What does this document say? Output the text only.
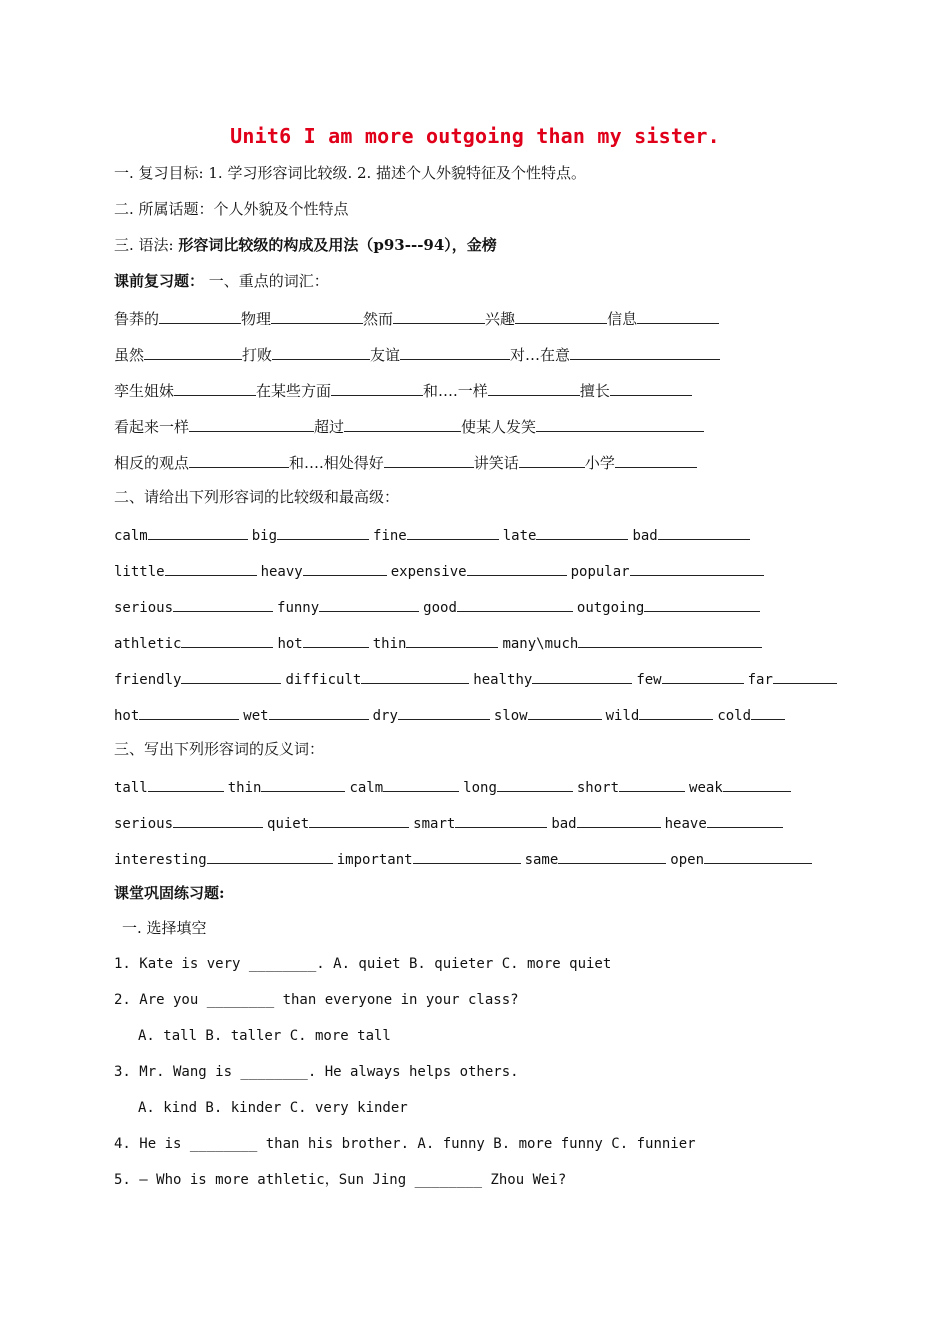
Unit6 I am more outgoing than my sister.
一. 复习目标: 1. 学习形容词比较级. 2. 描述个人外貌特征及个性特点。
二. 所属话题：个人外貌及个性特点
三. 语法: 形容词比较级的构成及用法（p93---94），金榜
课前复习题： 一、重点的词汇：
鲁莽的	物理	然而	兴趣	信息
虽然	打败	友谊	对…在意
孪生姐妹	在某些方面	和….一样	擅长
看起来一样	超过	使某人发笑
相反的观点	和….相处得好	讲笑话	小学
二、请给出下列形容词的比较级和最高级：
calm	big	fine	late	bad
little	heavy	expensive	popular
serious	funny	good	outgoing
athletic	hot	thin	many\much
friendly	difficult	healthy	few	far
hot	wet	dry	slow	wild	cold
三、写出下列形容词的反义词：
tall	thin	calm	long	short	weak
serious	quiet	smart	bad	heave
interesting	important	same	open
课堂巩固练习题:
一. 选择填空
1. Kate is very ________. A. quiet B. quieter C. more quiet
2. Are you ________ than everyone in your class?
A. tall B. taller C. more tall
3. Mr. Wang is ________. He always helps others.
A. kind B. kinder C. very kinder
4. He is ________ than his brother. A. funny B. more funny C. funnier
5. — Who is more athletic，Sun Jing ________ Zhou Wei?
